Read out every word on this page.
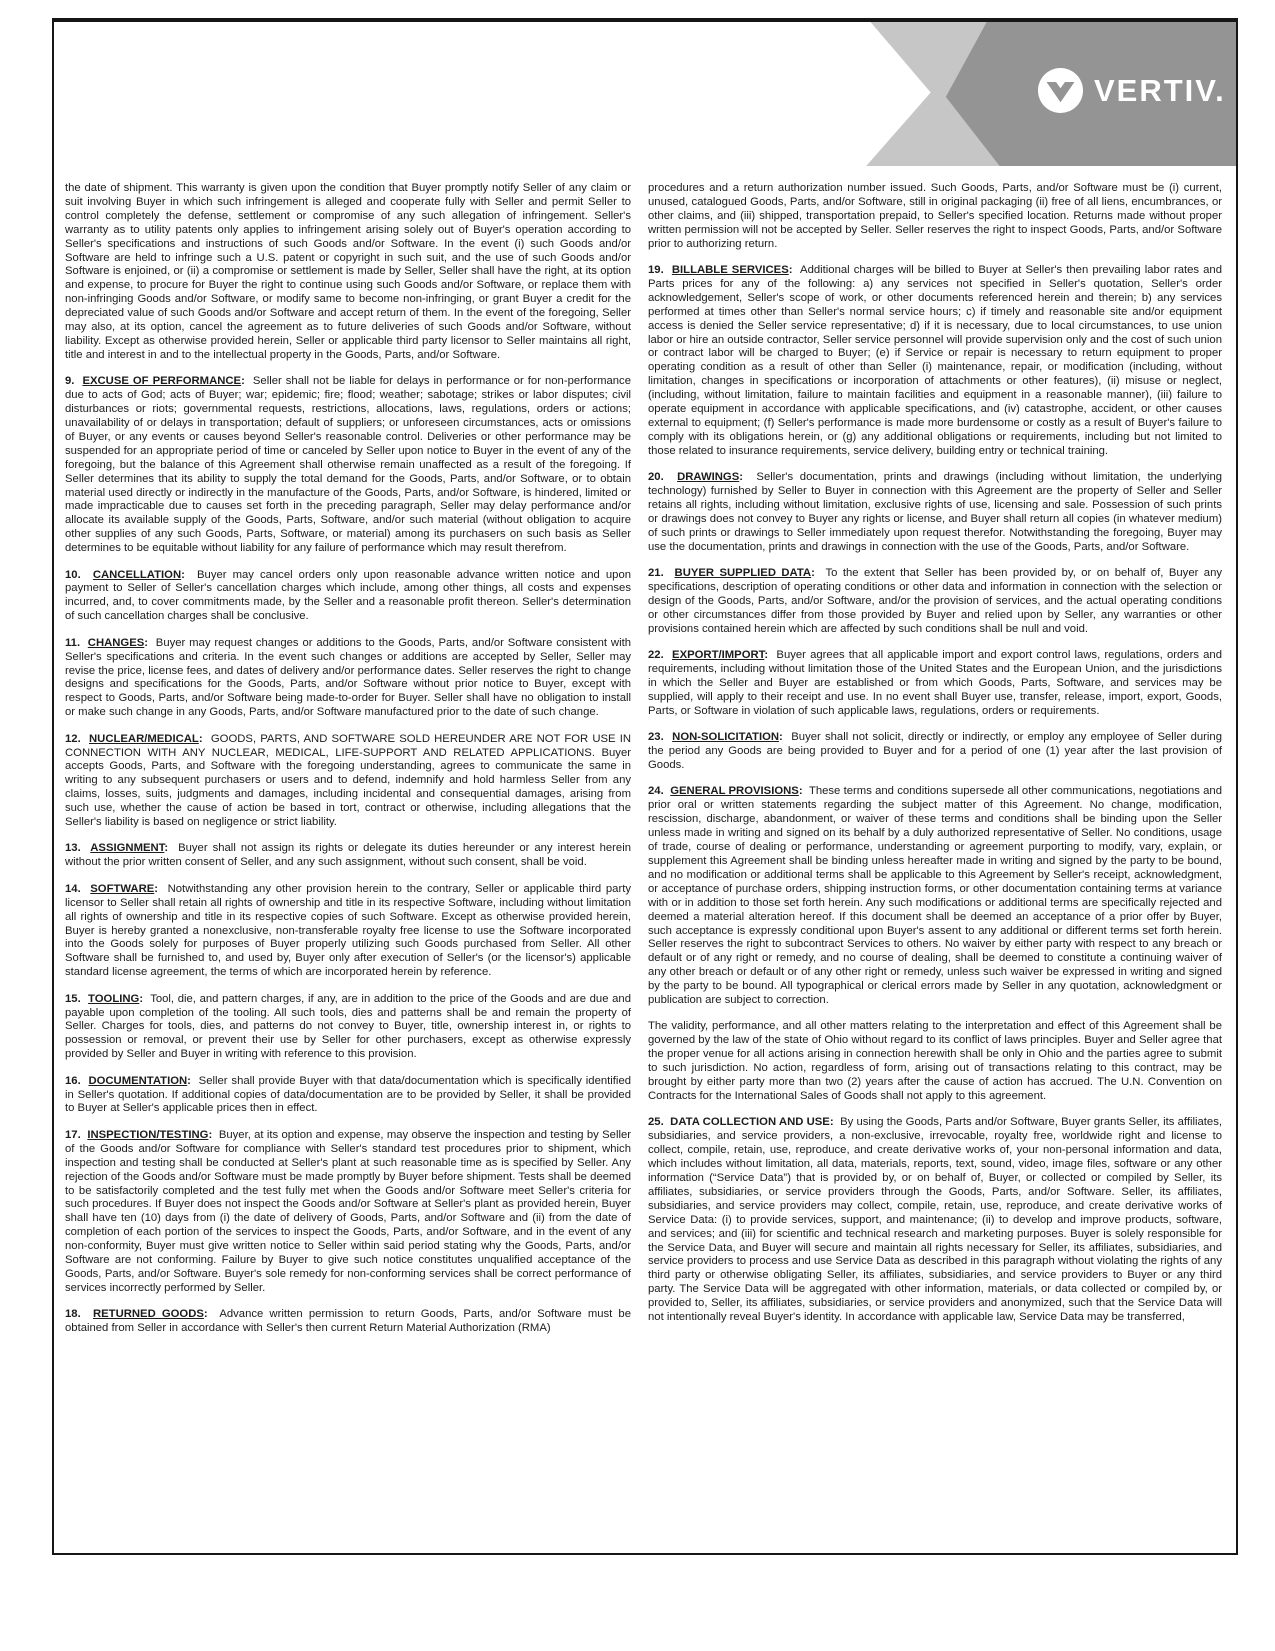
VERTIV.

the date of shipment. This warranty is given upon the condition that Buyer promptly notify Seller of any claim or suit involving Buyer in which such infringement is alleged and cooperate fully with Seller and permit Seller to control completely the defense, settlement or compromise of any such allegation of infringement. Seller's warranty as to utility patents only applies to infringement arising solely out of Buyer's operation according to Seller's specifications and instructions of such Goods and/or Software. In the event (i) such Goods and/or Software are held to infringe such a U.S. patent or copyright in such suit, and the use of such Goods and/or Software is enjoined, or (ii) a compromise or settlement is made by Seller, Seller shall have the right, at its option and expense, to procure for Buyer the right to continue using such Goods and/or Software, or replace them with non-infringing Goods and/or Software, or modify same to become non-infringing, or grant Buyer a credit for the depreciated value of such Goods and/or Software and accept return of them. In the event of the foregoing, Seller may also, at its option, cancel the agreement as to future deliveries of such Goods and/or Software, without liability. Except as otherwise provided herein, Seller or applicable third party licensor to Seller maintains all right, title and interest in and to the intellectual property in the Goods, Parts, and/or Software.

9.  EXCUSE OF PERFORMANCE: Seller shall not be liable for delays in performance or for non-performance due to acts of God; acts of Buyer; war; epidemic; fire; flood; weather; sabotage; strikes or labor disputes; civil disturbances or riots; governmental requests, restrictions, allocations, laws, regulations, orders or actions; unavailability of or delays in transportation; default of suppliers; or unforeseen circumstances, acts or omissions of Buyer, or any events or causes beyond Seller's reasonable control. Deliveries or other performance may be suspended for an appropriate period of time or canceled by Seller upon notice to Buyer in the event of any of the foregoing, but the balance of this Agreement shall otherwise remain unaffected as a result of the foregoing. If Seller determines that its ability to supply the total demand for the Goods, Parts, and/or Software, or to obtain material used directly or indirectly in the manufacture of the Goods, Parts, and/or Software, is hindered, limited or made impracticable due to causes set forth in the preceding paragraph, Seller may delay performance and/or allocate its available supply of the Goods, Parts, Software, and/or such material (without obligation to acquire other supplies of any such Goods, Parts, Software, or material) among its purchasers on such basis as Seller determines to be equitable without liability for any failure of performance which may result therefrom.

10.  CANCELLATION: Buyer may cancel orders only upon reasonable advance written notice and upon payment to Seller of Seller's cancellation charges which include, among other things, all costs and expenses incurred, and, to cover commitments made, by the Seller and a reasonable profit thereon. Seller's determination of such cancellation charges shall be conclusive.

11.  CHANGES: Buyer may request changes or additions to the Goods, Parts, and/or Software consistent with Seller's specifications and criteria. In the event such changes or additions are accepted by Seller, Seller may revise the price, license fees, and dates of delivery and/or performance dates. Seller reserves the right to change designs and specifications for the Goods, Parts, and/or Software without prior notice to Buyer, except with respect to Goods, Parts, and/or Software being made-to-order for Buyer. Seller shall have no obligation to install or make such change in any Goods, Parts, and/or Software manufactured prior to the date of such change.

12.  NUCLEAR/MEDICAL: GOODS, PARTS, AND SOFTWARE SOLD HEREUNDER ARE NOT FOR USE IN CONNECTION WITH ANY NUCLEAR, MEDICAL, LIFE-SUPPORT AND RELATED APPLICATIONS. Buyer accepts Goods, Parts, and Software with the foregoing understanding, agrees to communicate the same in writing to any subsequent purchasers or users and to defend, indemnify and hold harmless Seller from any claims, losses, suits, judgments and damages, including incidental and consequential damages, arising from such use, whether the cause of action be based in tort, contract or otherwise, including allegations that the Seller's liability is based on negligence or strict liability.

13.  ASSIGNMENT: Buyer shall not assign its rights or delegate its duties hereunder or any interest herein without the prior written consent of Seller, and any such assignment, without such consent, shall be void.

14.  SOFTWARE: Notwithstanding any other provision herein to the contrary, Seller or applicable third party licensor to Seller shall retain all rights of ownership and title in its respective Software, including without limitation all rights of ownership and title in its respective copies of such Software. Except as otherwise provided herein, Buyer is hereby granted a nonexclusive, non-transferable royalty free license to use the Software incorporated into the Goods solely for purposes of Buyer properly utilizing such Goods purchased from Seller. All other Software shall be furnished to, and used by, Buyer only after execution of Seller's (or the licensor's) applicable standard license agreement, the terms of which are incorporated herein by reference.

15.  TOOLING: Tool, die, and pattern charges, if any, are in addition to the price of the Goods and are due and payable upon completion of the tooling. All such tools, dies and patterns shall be and remain the property of Seller. Charges for tools, dies, and patterns do not convey to Buyer, title, ownership interest in, or rights to possession or removal, or prevent their use by Seller for other purchasers, except as otherwise expressly provided by Seller and Buyer in writing with reference to this provision.

16.  DOCUMENTATION: Seller shall provide Buyer with that data/documentation which is specifically identified in Seller's quotation. If additional copies of data/documentation are to be provided by Seller, it shall be provided to Buyer at Seller's applicable prices then in effect.

17.  INSPECTION/TESTING: Buyer, at its option and expense, may observe the inspection and testing by Seller of the Goods and/or Software for compliance with Seller's standard test procedures prior to shipment, which inspection and testing shall be conducted at Seller's plant at such reasonable time as is specified by Seller. Any rejection of the Goods and/or Software must be made promptly by Buyer before shipment. Tests shall be deemed to be satisfactorily completed and the test fully met when the Goods and/or Software meet Seller's criteria for such procedures. If Buyer does not inspect the Goods and/or Software at Seller's plant as provided herein, Buyer shall have ten (10) days from (i) the date of delivery of Goods, Parts, and/or Software and (ii) from the date of completion of each portion of the services to inspect the Goods, Parts, and/or Software, and in the event of any non-conformity, Buyer must give written notice to Seller within said period stating why the Goods, Parts, and/or Software are not conforming. Failure by Buyer to give such notice constitutes unqualified acceptance of the Goods, Parts, and/or Software. Buyer's sole remedy for non-conforming services shall be correct performance of services incorrectly performed by Seller.

18.  RETURNED GOODS: Advance written permission to return Goods, Parts, and/or Software must be obtained from Seller in accordance with Seller's then current Return Material Authorization (RMA)

procedures and a return authorization number issued. Such Goods, Parts, and/or Software must be (i) current, unused, catalogued Goods, Parts, and/or Software, still in original packaging (ii) free of all liens, encumbrances, or other claims, and (iii) shipped, transportation prepaid, to Seller's specified location. Returns made without proper written permission will not be accepted by Seller. Seller reserves the right to inspect Goods, Parts, and/or Software prior to authorizing return.

19.  BILLABLE SERVICES: Additional charges will be billed to Buyer at Seller's then prevailing labor rates and Parts prices for any of the following: a) any services not specified in Seller's quotation, Seller's order acknowledgement, Seller's scope of work, or other documents referenced herein and therein; b) any services performed at times other than Seller's normal service hours; c) if timely and reasonable site and/or equipment access is denied the Seller service representative; d) if it is necessary, due to local circumstances, to use union labor or hire an outside contractor, Seller service personnel will provide supervision only and the cost of such union or contract labor will be charged to Buyer; (e) if Service or repair is necessary to return equipment to proper operating condition as a result of other than Seller (i) maintenance, repair, or modification (including, without limitation, changes in specifications or incorporation of attachments or other features), (ii) misuse or neglect, (including, without limitation, failure to maintain facilities and equipment in a reasonable manner), (iii) failure to operate equipment in accordance with applicable specifications, and (iv) catastrophe, accident, or other causes external to equipment; (f) Seller's performance is made more burdensome or costly as a result of Buyer's failure to comply with its obligations herein, or (g) any additional obligations or requirements, including but not limited to those related to insurance requirements, service delivery, building entry or technical training.

20.  DRAWINGS: Seller's documentation, prints and drawings (including without limitation, the underlying technology) furnished by Seller to Buyer in connection with this Agreement are the property of Seller and Seller retains all rights, including without limitation, exclusive rights of use, licensing and sale. Possession of such prints or drawings does not convey to Buyer any rights or license, and Buyer shall return all copies (in whatever medium) of such prints or drawings to Seller immediately upon request therefor. Notwithstanding the foregoing, Buyer may use the documentation, prints and drawings in connection with the use of the Goods, Parts, and/or Software.

21.  BUYER SUPPLIED DATA: To the extent that Seller has been provided by, or on behalf of, Buyer any specifications, description of operating conditions or other data and information in connection with the selection or design of the Goods, Parts, and/or Software, and/or the provision of services, and the actual operating conditions or other circumstances differ from those provided by Buyer and relied upon by Seller, any warranties or other provisions contained herein which are affected by such conditions shall be null and void.

22.  EXPORT/IMPORT: Buyer agrees that all applicable import and export control laws, regulations, orders and requirements, including without limitation those of the United States and the European Union, and the jurisdictions in which the Seller and Buyer are established or from which Goods, Parts, Software, and services may be supplied, will apply to their receipt and use. In no event shall Buyer use, transfer, release, import, export, Goods, Parts, or Software in violation of such applicable laws, regulations, orders or requirements.

23.  NON-SOLICITATION: Buyer shall not solicit, directly or indirectly, or employ any employee of Seller during the period any Goods are being provided to Buyer and for a period of one (1) year after the last provision of Goods.

24.  GENERAL PROVISIONS: These terms and conditions supersede all other communications, negotiations and prior oral or written statements regarding the subject matter of this Agreement. No change, modification, rescission, discharge, abandonment, or waiver of these terms and conditions shall be binding upon the Seller unless made in writing and signed on its behalf by a duly authorized representative of Seller. No conditions, usage of trade, course of dealing or performance, understanding or agreement purporting to modify, vary, explain, or supplement this Agreement shall be binding unless hereafter made in writing and signed by the party to be bound, and no modification or additional terms shall be applicable to this Agreement by Seller's receipt, acknowledgment, or acceptance of purchase orders, shipping instruction forms, or other documentation containing terms at variance with or in addition to those set forth herein. Any such modifications or additional terms are specifically rejected and deemed a material alteration hereof. If this document shall be deemed an acceptance of a prior offer by Buyer, such acceptance is expressly conditional upon Buyer's assent to any additional or different terms set forth herein. Seller reserves the right to subcontract Services to others. No waiver by either party with respect to any breach or default or of any right or remedy, and no course of dealing, shall be deemed to constitute a continuing waiver of any other breach or default or of any other right or remedy, unless such waiver be expressed in writing and signed by the party to be bound. All typographical or clerical errors made by Seller in any quotation, acknowledgment or publication are subject to correction.

The validity, performance, and all other matters relating to the interpretation and effect of this Agreement shall be governed by the law of the state of Ohio without regard to its conflict of laws principles. Buyer and Seller agree that the proper venue for all actions arising in connection herewith shall be only in Ohio and the parties agree to submit to such jurisdiction. No action, regardless of form, arising out of transactions relating to this contract, may be brought by either party more than two (2) years after the cause of action has accrued. The U.N. Convention on Contracts for the International Sales of Goods shall not apply to this agreement.

25.  DATA COLLECTION AND USE: By using the Goods, Parts and/or Software, Buyer grants Seller, its affiliates, subsidiaries, and service providers, a non-exclusive, irrevocable, royalty free, worldwide right and license to collect, compile, retain, use, reproduce, and create derivative works of, your non-personal information and data, which includes without limitation, all data, materials, reports, text, sound, video, image files, software or any other information (“Service Data”) that is provided by, or on behalf of, Buyer, or collected or compiled by Seller, its affiliates, subsidiaries, or service providers through the Goods, Parts, and/or Software. Seller, its affiliates, subsidiaries, and service providers may collect, compile, retain, use, reproduce, and create derivative works of Service Data: (i) to provide services, support, and maintenance; (ii) to develop and improve products, software, and services; and (iii) for scientific and technical research and marketing purposes. Buyer is solely responsible for the Service Data, and Buyer will secure and maintain all rights necessary for Seller, its affiliates, subsidiaries, and service providers to process and use Service Data as described in this paragraph without violating the rights of any third party or otherwise obligating Seller, its affiliates, subsidiaries, and service providers to Buyer or any third party. The Service Data will be aggregated with other information, materials, or data collected or compiled by, or provided to, Seller, its affiliates, subsidiaries, or service providers and anonymized, such that the Service Data will not intentionally reveal Buyer's identity. In accordance with applicable law, Service Data may be transferred,
